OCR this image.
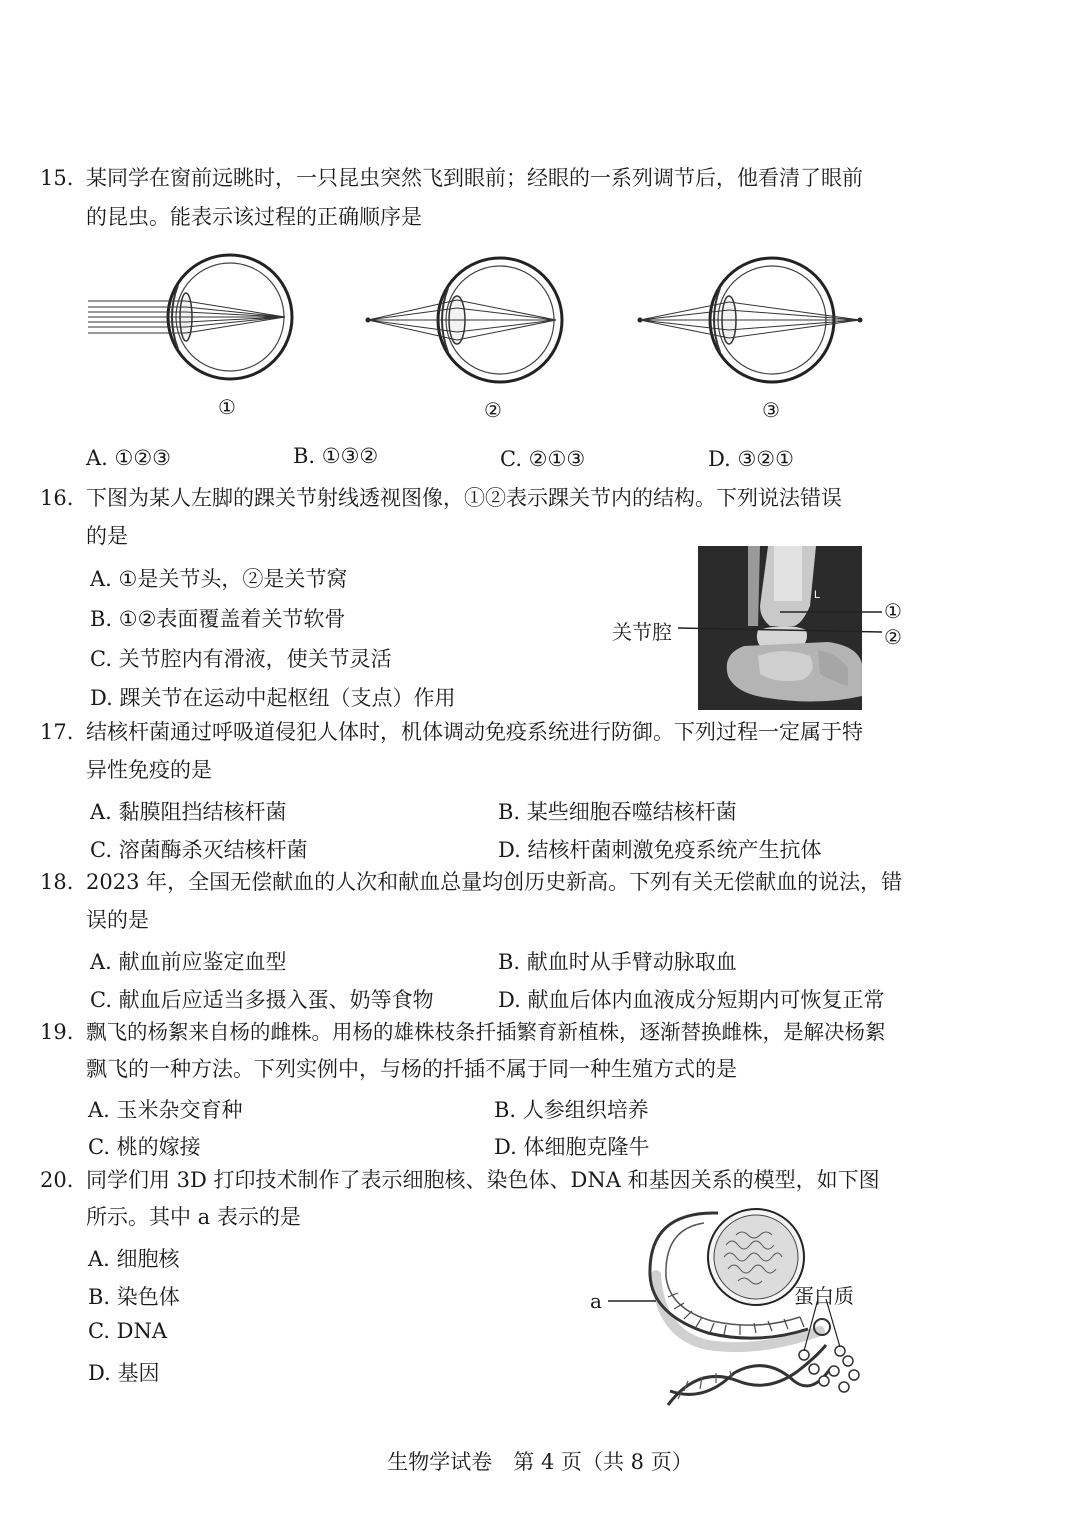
15. 某同学在窗前远眺时，一只昆虫突然飞到眼前；经眼的一系列调节后，他看清了眼前
的昆虫。能表示该过程的正确顺序是
①	②	③
A. ①②③	B. ①③②	C. ②①③	D. ③②①
16. 下图为某人左脚的踝关节射线透视图像，①②表示踝关节内的结构。下列说法错误
的是
A. ①是关节头，②是关节窝
B. ①②表面覆盖着关节软骨
C. 关节腔内有滑液，使关节灵活
D. 踝关节在运动中起枢纽（支点）作用
L
关节腔
①
②
17. 结核杆菌通过呼吸道侵犯人体时，机体调动免疫系统进行防御。下列过程一定属于特
异性免疫的是
A. 黏膜阻挡结核杆菌	B. 某些细胞吞噬结核杆菌
C. 溶菌酶杀灭结核杆菌	D. 结核杆菌刺激免疫系统产生抗体
18. 2023 年，全国无偿献血的人次和献血总量均创历史新高。下列有关无偿献血的说法，错
误的是
A. 献血前应鉴定血型	B. 献血时从手臂动脉取血
C. 献血后应适当多摄入蛋、奶等食物	D. 献血后体内血液成分短期内可恢复正常
19. 飘飞的杨絮来自杨的雌株。用杨的雄株枝条扦插繁育新植株，逐渐替换雌株，是解决杨絮
飘飞的一种方法。下列实例中，与杨的扦插不属于同一种生殖方式的是
A. 玉米杂交育种	B. 人参组织培养
C. 桃的嫁接	D. 体细胞克隆牛
20. 同学们用 3D 打印技术制作了表示细胞核、染色体、DNA 和基因关系的模型，如下图
所示。其中 a 表示的是
A. 细胞核
B. 染色体
C. DNA
D. 基因
a	蛋白质
生物学试卷　第 4 页（共 8 页）
